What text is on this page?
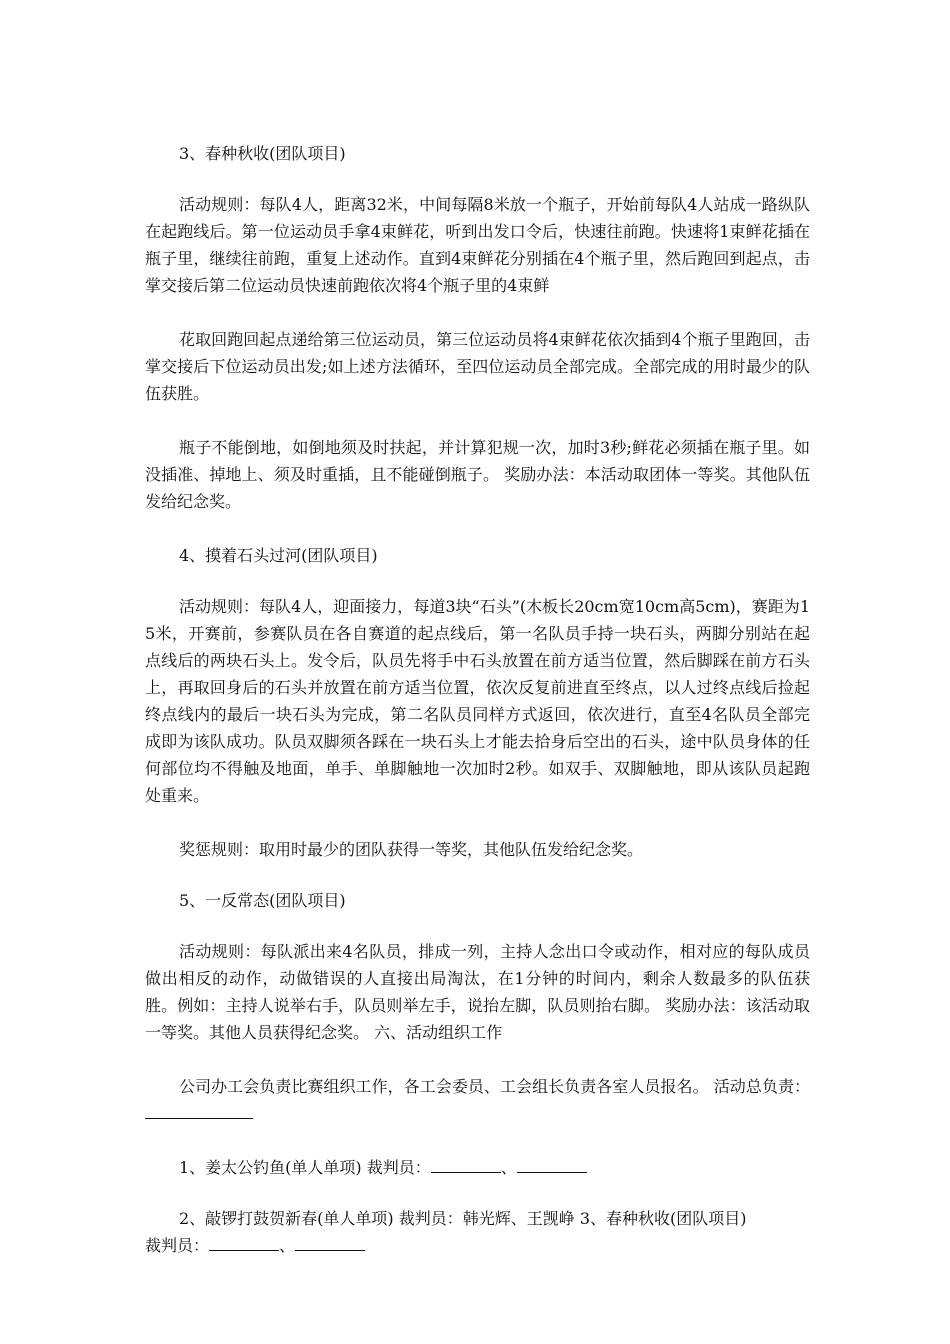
3、春种秋收(团队项目)

活动规则：每队4人，距离32米，中间每隔8米放一个瓶子，开始前每队4人站成一路纵队在起跑线后。第一位运动员手拿4束鲜花，听到出发口令后，快速往前跑。快速将1束鲜花插在瓶子里，继续往前跑，重复上述动作。直到4束鲜花分别插在4个瓶子里，然后跑回到起点，击掌交接后第二位运动员快速前跑依次将4个瓶子里的4束鲜

花取回跑回起点递给第三位运动员，第三位运动员将4束鲜花依次插到4个瓶子里跑回，击掌交接后下位运动员出发;如上述方法循环，至四位运动员全部完成。全部完成的用时最少的队伍获胜。

瓶子不能倒地，如倒地须及时扶起，并计算犯规一次，加时3秒;鲜花必须插在瓶子里。如没插准、掉地上、须及时重插，且不能碰倒瓶子。 奖励办法：本活动取团体一等奖。其他队伍发给纪念奖。

4、摸着石头过河(团队项目)

活动规则：每队4人，迎面接力，每道3块“石头”(木板长20cm宽10cm高5cm)，赛距为15米，开赛前，参赛队员在各自赛道的起点线后，第一名队员手持一块石头，两脚分别站在起点线后的两块石头上。发令后，队员先将手中石头放置在前方适当位置，然后脚踩在前方石头上，再取回身后的石头并放置在前方适当位置，依次反复前进直至终点，以人过终点线后捡起终点线内的最后一块石头为完成，第二名队员同样方式返回，依次进行，直至4名队员全部完成即为该队成功。队员双脚须各踩在一块石头上才能去拾身后空出的石头，途中队员身体的任何部位均不得触及地面，单手、单脚触地一次加时2秒。如双手、双脚触地，即从该队员起跑处重来。

奖惩规则：取用时最少的团队获得一等奖，其他队伍发给纪念奖。

5、一反常态(团队项目)

活动规则：每队派出来4名队员，排成一列，主持人念出口令或动作，相对应的每队成员做出相反的动作，动做错误的人直接出局淘汰，在1分钟的时间内，剩余人数最多的队伍获胜。例如：主持人说举右手，队员则举左手，说抬左脚，队员则抬右脚。 奖励办法：该活动取一等奖。其他人员获得纪念奖。 六、活动组织工作

公司办工会负责比赛组织工作，各工会委员、工会组长负责各室人员报名。 活动总负责：

1、姜太公钓鱼(单人单项) 裁判员：	、

2、敲锣打鼓贺新春(单人单项) 裁判员：韩光辉、王觊峥 3、春种秋收(团队项目)

裁判员：	、
